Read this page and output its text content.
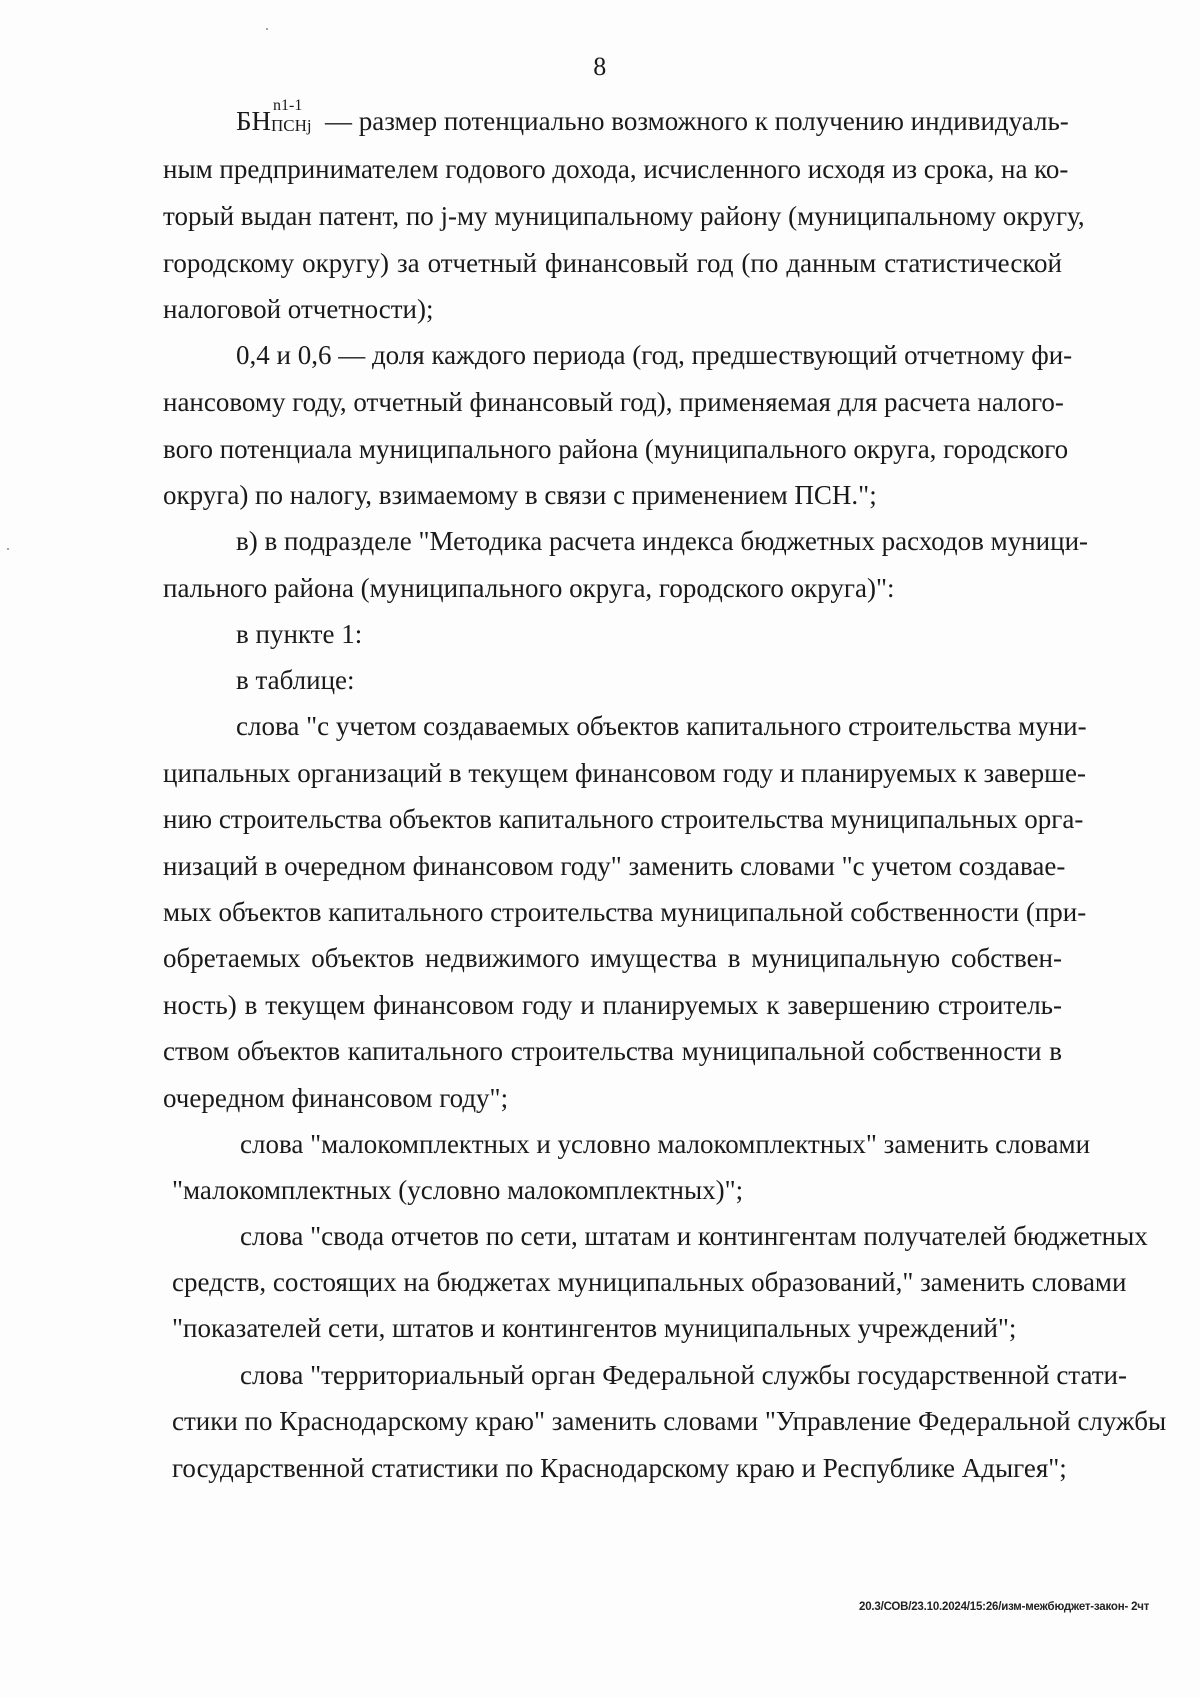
8
БН
n1-1
ПСНj — размер потенциально возможного к получению индивидуаль-
ным предпринимателем годового дохода, исчисленного исходя из срока, на ко-
торый выдан патент, по j-му муниципальному району (муниципальному округу,
городскому округу) за отчетный финансовый год (по данным статистической
налоговой отчетности);
0,4 и 0,6 — доля каждого периода (год, предшествующий отчетному фи-
нансовому году, отчетный финансовый год), применяемая для расчета налого-
вого потенциала муниципального района (муниципального округа, городского
округа) по налогу, взимаемому в связи с применением ПСН.";
в) в подразделе "Методика расчета индекса бюджетных расходов муници-
пального района (муниципального округа, городского округа)":
в пункте 1:
в таблице:
слова "с учетом создаваемых объектов капитального строительства муни-
ципальных организаций в текущем финансовом году и планируемых к заверше-
нию строительства объектов капитального строительства муниципальных орга-
низаций в очередном финансовом году" заменить словами "с учетом создавае-
мых объектов капитального строительства муниципальной собственности (при-
обретаемых объектов недвижимого имущества в муниципальную собствен-
ность) в текущем финансовом году и планируемых к завершению строитель-
ством объектов капитального строительства муниципальной собственности в
очередном финансовом году";
слова "малокомплектных и условно малокомплектных" заменить словами
"малокомплектных (условно малокомплектных)";
слова "свода отчетов по сети, штатам и контингентам получателей бюджетных
средств, состоящих на бюджетах муниципальных образований," заменить словами
"показателей сети, штатов и контингентов муниципальных учреждений";
слова "территориальный орган Федеральной службы государственной стати-
стики по Краснодарскому краю" заменить словами "Управление Федеральной службы
государственной статистики по Краснодарскому краю и Республике Адыгея";
20.3/СОВ/23.10.2024/15:26/изм-межбюджет-закон- 2чт
